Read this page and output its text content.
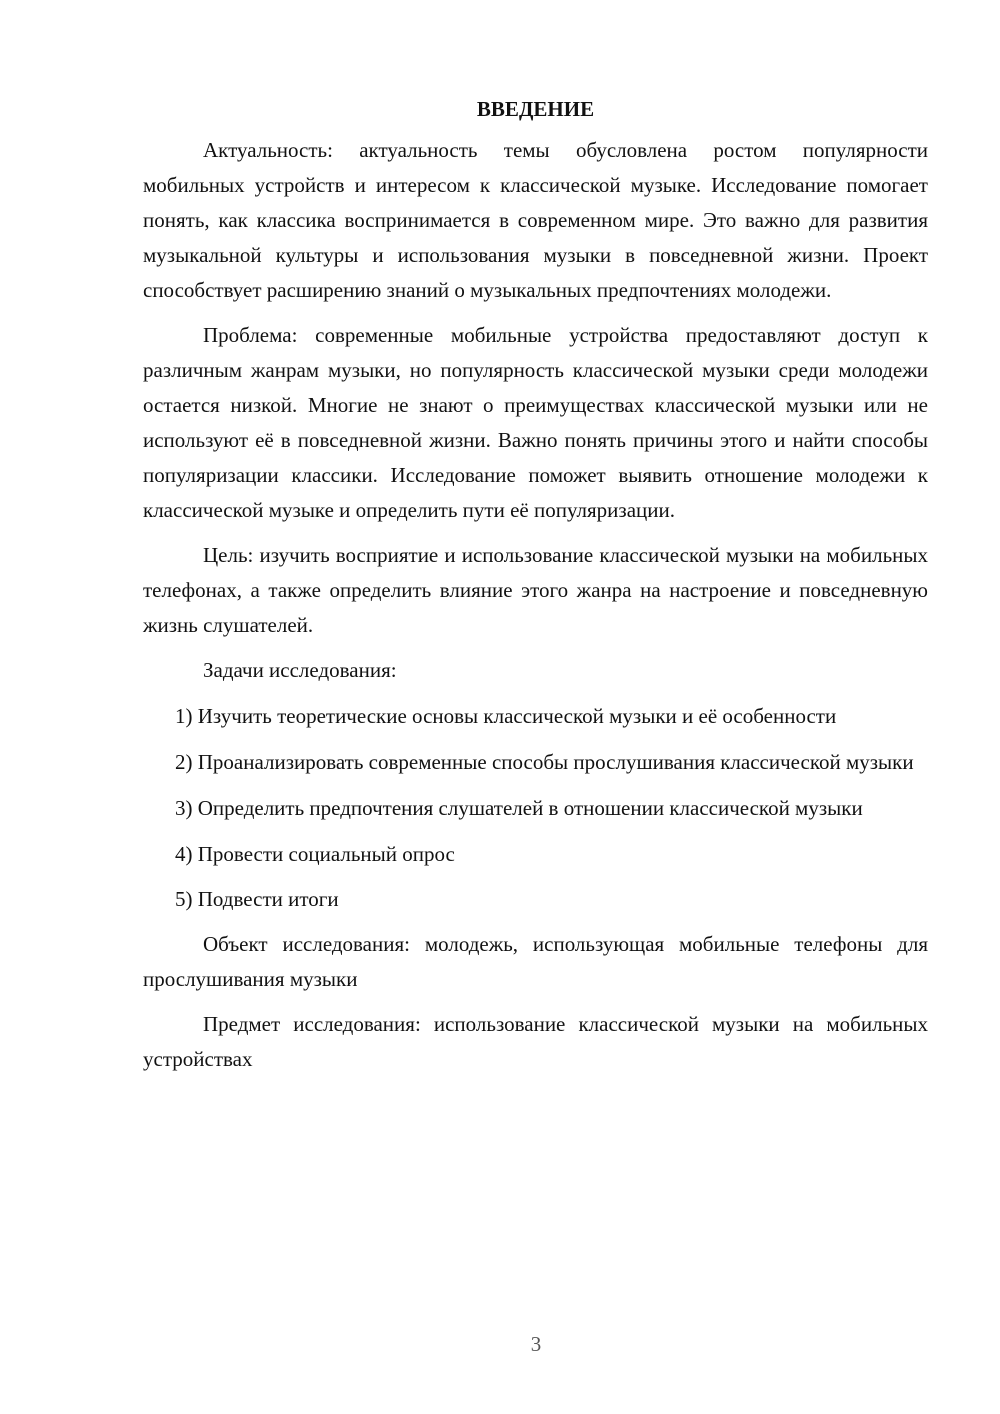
ВВЕДЕНИЕ

Актуальность: актуальность темы обусловлена ростом популярности мобильных устройств и интересом к классической музыке. Исследование помогает понять, как классика воспринимается в современном мире. Это важно для развития музыкальной культуры и использования музыки в повседневной жизни. Проект способствует расширению знаний о музыкальных предпочтениях молодежи.

Проблема: современные мобильные устройства предоставляют доступ к различным жанрам музыки, но популярность классической музыки среди молодежи остается низкой. Многие не знают о преимуществах классической музыки или не используют её в повседневной жизни. Важно понять причины этого и найти способы популяризации классики. Исследование поможет выявить отношение молодежи к классической музыке и определить пути её популяризации.

Цель: изучить восприятие и использование классической музыки на мобильных телефонах, а также определить влияние этого жанра на настроение и повседневную жизнь слушателей.

Задачи исследования:

1) Изучить теоретические основы классической музыки и её особенности

2) Проанализировать современные способы прослушивания классической музыки

3) Определить предпочтения слушателей в отношении классической музыки

4) Провести социальный опрос

5) Подвести итоги

Объект исследования: молодежь, использующая мобильные телефоны для прослушивания музыки

Предмет исследования: использование классической музыки на мобильных устройствах

3
